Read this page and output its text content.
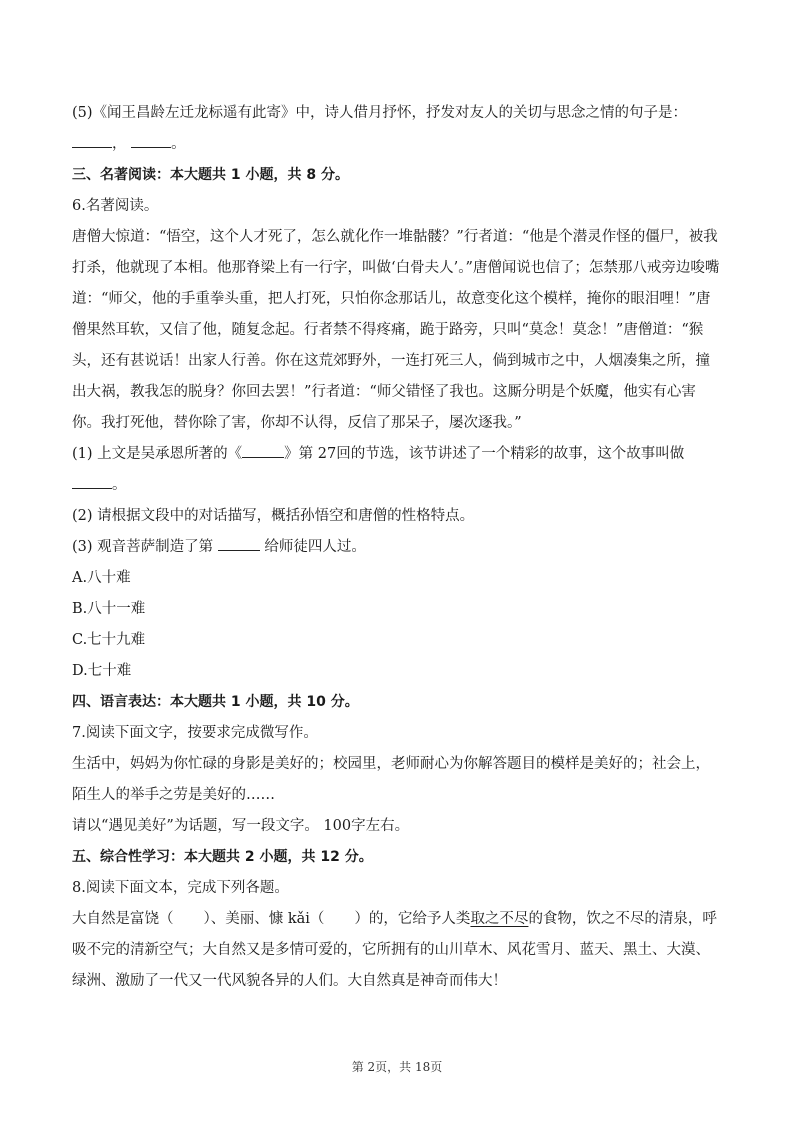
(5)《闻王昌龄左迁龙标遥有此寄》中，诗人借月抒怀，抒发对友人的关切与思念之情的句子是：

，	。

三、名著阅读：本大题共 1 小题，共 8 分。

6.名著阅读。

唐僧大惊道：“悟空，这个人才死了，怎么就化作一堆骷髅？”行者道：“他是个潜灵作怪的僵尸，被我打杀，他就现了本相。他那脊梁上有一行字，叫做‘白骨夫人’。”唐僧闻说也信了；怎禁那八戒旁边唆嘴道：“师父，他的手重拳头重，把人打死，只怕你念那话儿，故意变化这个模样，掩你的眼泪哩！”唐僧果然耳软，又信了他，随复念起。行者禁不得疼痛，跪于路旁，只叫“莫念！莫念！”唐僧道：“猴头，还有甚说话！出家人行善。你在这荒郊野外，一连打死三人，倘到城市之中，人烟凑集之所，撞出大祸，教我怎的脱身？你回去罢！”行者道：“师父错怪了我也。这厮分明是个妖魔，他实有心害你。我打死他，替你除了害，你却不认得，反信了那呆子，屡次逐我。”

(1) 上文是吴承恩所著的《	》第 27回的节选，该节讲述了一个精彩的故事，这个故事叫做

。

(2) 请根据文段中的对话描写，概括孙悟空和唐僧的性格特点。

(3) 观音菩萨制造了第	给师徒四人过。

A.八十难

B.八十一难

C.七十九难

D.七十难

四、语言表达：本大题共 1 小题，共 10 分。

7.阅读下面文字，按要求完成微写作。

生活中，妈妈为你忙碌的身影是美好的；校园里，老师耐心为你解答题目的模样是美好的；社会上，陌生人的举手之劳是美好的……

请以“遇见美好”为话题，写一段文字。 100字左右。

五、综合性学习：本大题共 2 小题，共 12 分。

8.阅读下面文本，完成下列各题。

大自然是富饶（ ）、美丽、慷 kǎi（ ）的，它给予人类取之不尽的食物，饮之不尽的清泉，呼吸不完的清新空气；大自然又是多情可爱的，它所拥有的山川草木、风花雪月、蓝天、黑土、大漠、绿洲、激励了一代又一代风貌各异的人们。大自然真是神奇而伟大！

第 2页，共 18页
